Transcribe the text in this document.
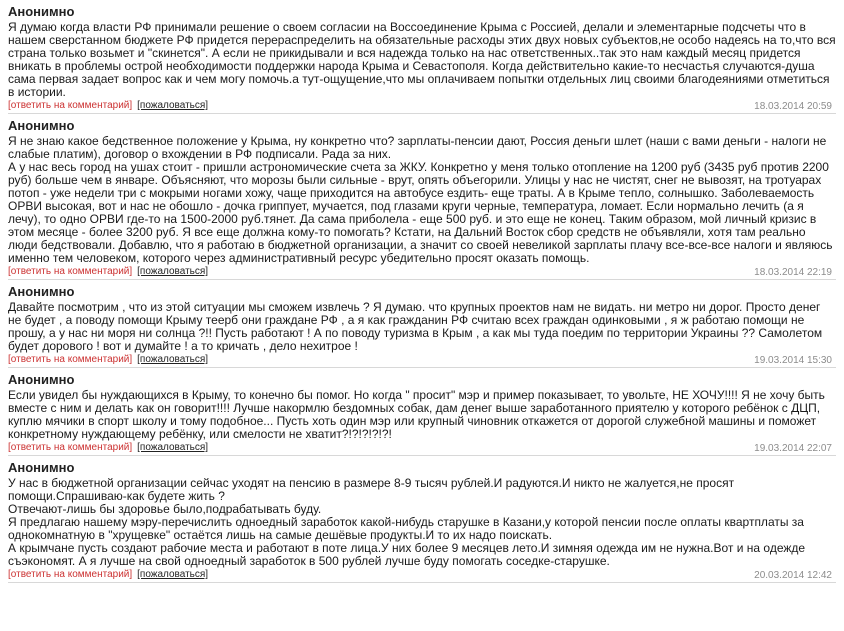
Анонимно

Я думаю когда власти РФ принимали решение о своем согласии на Воссоединение Крыма с Россией, делали и элементарные подсчеты что в нашем свеpстанном бюджете РФ придется перераспределить на обязательные расходы этих двух новых субъектов,не особо надеясь на то,что вся страна только возьмет и "скинется". А если не прикидывали и вся надежда только на нас ответственных..так это нам каждый месяц придется вникать в проблемы острой необходимости поддержки народа Крыма и Севастополя. Когда действительно какие-то несчастья случаются-душа сама первая задает вопрос как и чем могу помочь.а тут-ощущение,что мы оплачиваем попытки отдельных лиц своими благодеяниями отметиться в истории.

[ответить на комментарий] [пожаловаться]	18.03.2014 20:59
Анонимно

Я не знаю какое бедственное положение у Крыма, ну конкретно что? зарплаты-пенсии дают, Россия деньги шлет (наши с вами деньги - налоги не слабые платим), договор о вхождении в РФ подписали. Рада за них.

А у нас весь город на ушах стоит - пришли астрономические счета за ЖКУ. Конкретно у меня только отопление на 1200 руб (3435 руб против 2200 руб) больше чем в январе. Объясняют, что морозы были сильные - врут, опять объегорили. Улицы у нас не чистят, снег не вывозят, на тротуарах потоп - уже недели три с мокрыми ногами хожу, чаще приходится на автобусе ездить- еще траты. А в Крыме тепло, солнышко. Заболеваемость ОРВИ высокая, вот и нас не обошло - дочка гриппует, мучается, под глазами круги черные, температура, ломает. Если нормально лечить (а я лечу), то одно ОРВИ где-то на 1500-2000 руб.тянет. Да сама приболела - еще 500 руб. и это еще не конец. Таким образом, мой личный кризис в этом месяце - более 3200 руб. Я все еще должна кому-то помогать? Кстати, на Дальний Восток сбор средств не объявляли, хотя там реально люди бедствовали. Добавлю, что я работаю в бюджетной организации, а значит со своей невеликой зарплаты плачу все-все-все налоги и являюсь именно тем человеком, которого через административный ресурс убедительно просят оказать помощь.

[ответить на комментарий] [пожаловаться]	18.03.2014 22:19
Анонимно

Давайте посмотрим , что из этой ситуации мы сможем извлечь ? Я думаю. что крупных проектов нам не видать. ни метро ни дорог. Просто денег не будет , а поводу помощи Крыму теерб они граждане РФ , а я как гражданин РФ считаю всех граждан одинковыми , я ж работаю помощи не прошу, а у нас ни моря ни солнца ?!! Пусть работают ! А по поводу туризма в Крым , а как мы туда поедим по территории Украины ?? Самолетом будет дорового ! вот и думайте ! а то кричать , дело нехитрое !

[ответить на комментарий] [пожаловаться]	19.03.2014 15:30
Анонимно

Если увидел бы нуждающихся в Крыму, то конечно бы помог. Но когда " просит" мэр и пример показывает, то увольте, НЕ ХОЧУ!!!! Я не хочу быть вместе с ним и делать как он говорит!!!! Лучше накормлю бездомных собак, дам денег выше заработанного приятелю у которого ребёнок с ДЦП, куплю мячики в спорт школу и тому подобное... Пусть хоть один мэр или крупный чиновник откажется от дорогой служебной машины и поможет конкретному нуждающему ребёнку, или смелости не хватит?!?!?!?!?!

[ответить на комментарий] [пожаловаться]	19.03.2014 22:07
Анонимно

У нас в бюджетной организации сейчас уходят на пенсию в размере 8-9 тысяч рублей.И радуются.И никто не жалуется,не просят помощи.Спрашиваю-как будете жить ?

Отвечают-лишь бы здоровье было,подрабатывать буду.

Я предлагаю нашему мэру-перечислить одноедный заработок какой-нибудь старушке в Казани,у которой пенсии после оплаты квартплаты за однокомнатную в "хрущевке" остаётся лишь на самые дешёвые продукты.И то их надо поискать.

А крымчане пусть создают рабочие места и работают в поте лица.У них более 9 месяцев лето.И зимняя одежда им не нужна.Вот и на одежде съэкономят. А я лучше на свой одноедный заработок в 500 рублей лучше буду помогать соседке-старушке.

[ответить на комментарий] [пожаловаться]	20.03.2014 12:42
